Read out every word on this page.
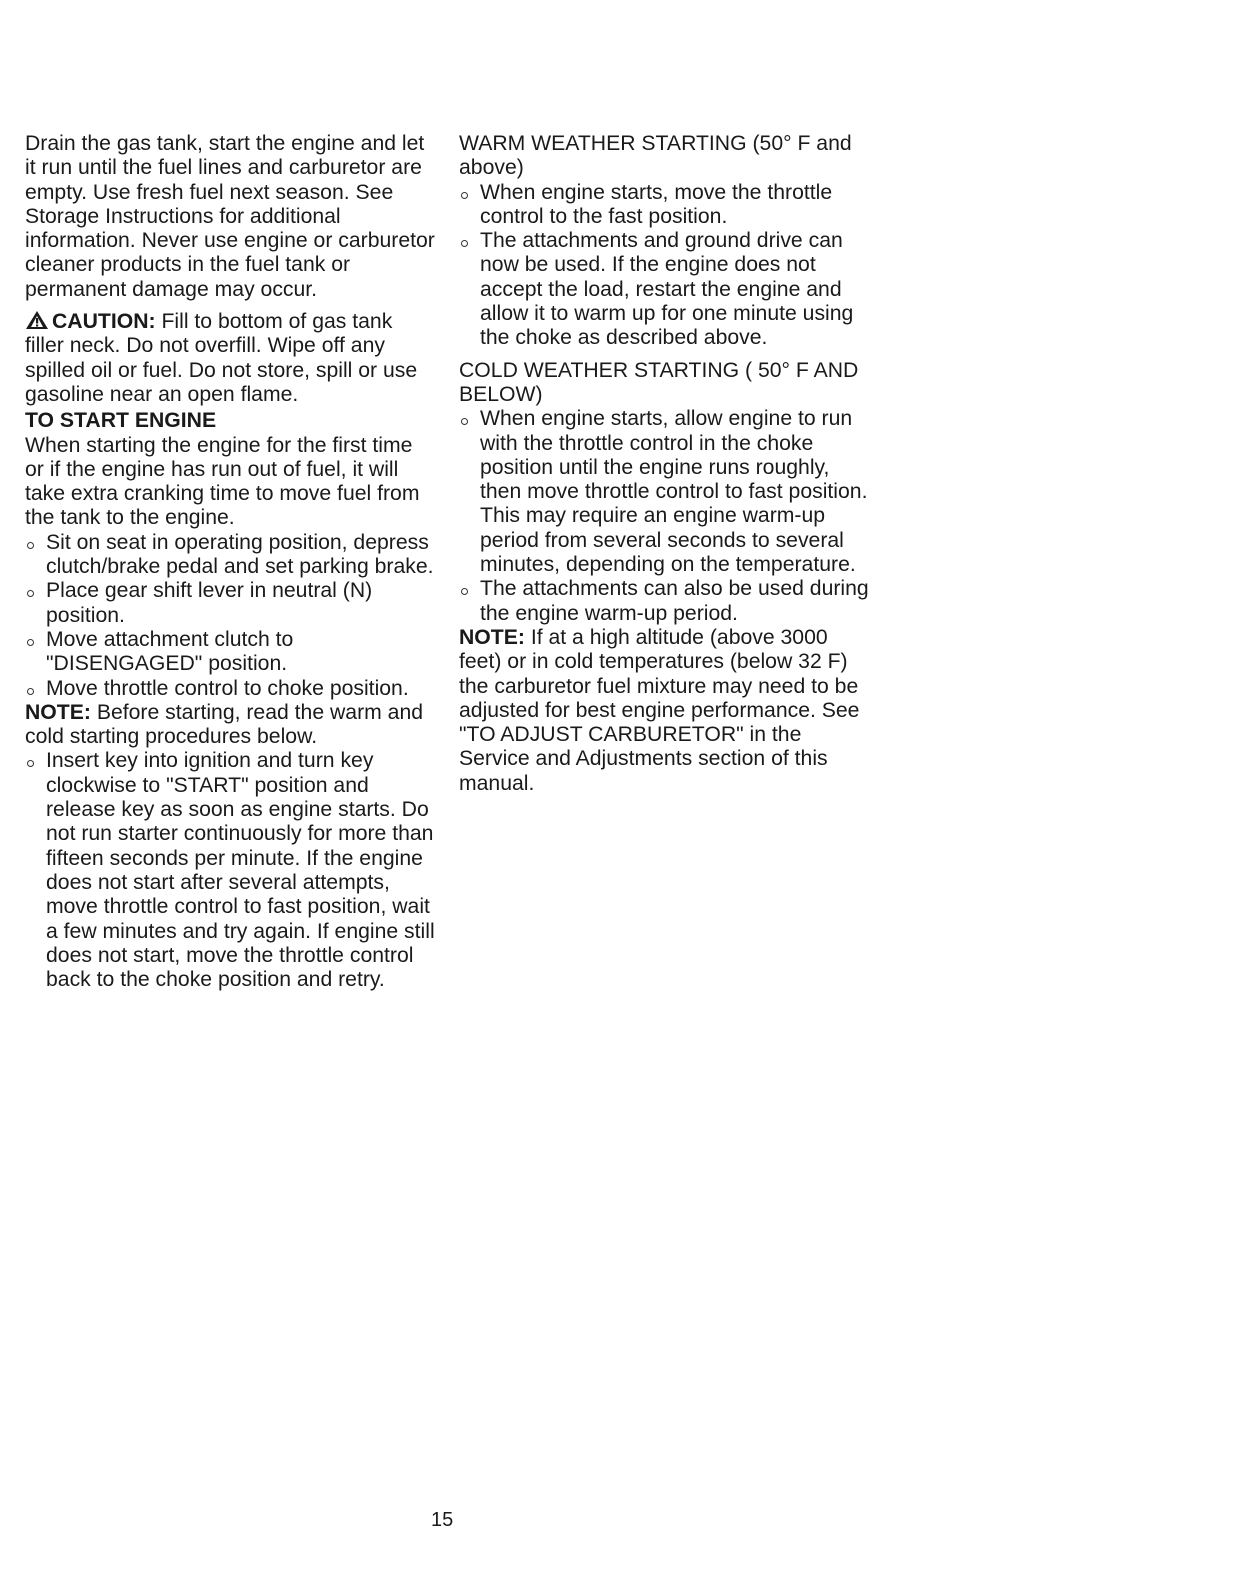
Drain the gas tank, start the engine and let it run until the fuel lines and carburetor are empty. Use fresh fuel next season. See Storage Instructions for additional information. Never use engine or carburetor cleaner products in the fuel tank or permanent damage may occur.

CAUTION: Fill to bottom of gas tank filler neck. Do not overfill. Wipe off any spilled oil or fuel. Do not store, spill or use gasoline near an open flame.

TO START ENGINE

When starting the engine for the first time or if the engine has run out of fuel, it will take extra cranking time to move fuel from the tank to the engine.

Sit on seat in operating position, depress clutch/brake pedal and set parking brake.
Place gear shift lever in neutral (N) position.
Move attachment clutch to "DISENGAGED" position.
Move throttle control to choke position.

NOTE: Before starting, read the warm and cold starting procedures below.

Insert key into ignition and turn key clockwise to "START" position and release key as soon as engine starts. Do not run starter continuously for more than fifteen seconds per minute. If the engine does not start after several attempts, move throttle control to fast position, wait a few minutes and try again. If engine still does not start, move the throttle control back to the choke position and retry.

WARM WEATHER STARTING (50° F and above)

When engine starts, move the throttle control to the fast position.
The attachments and ground drive can now be used. If the engine does not accept the load, restart the engine and allow it to warm up for one minute using the choke as described above.

COLD WEATHER STARTING ( 50° F AND BELOW)

When engine starts, allow engine to run with the throttle control in the choke position until the engine runs roughly, then move throttle control to fast position. This may require an engine warm-up period from several seconds to several minutes, depending on the temperature.
The attachments can also be used during the engine warm-up period.

NOTE: If at a high altitude (above 3000 feet) or in cold temperatures (below 32 F) the carburetor fuel mixture may need to be adjusted for best engine performance. See "TO ADJUST CARBURETOR" in the Service and Adjustments section of this manual.

15
